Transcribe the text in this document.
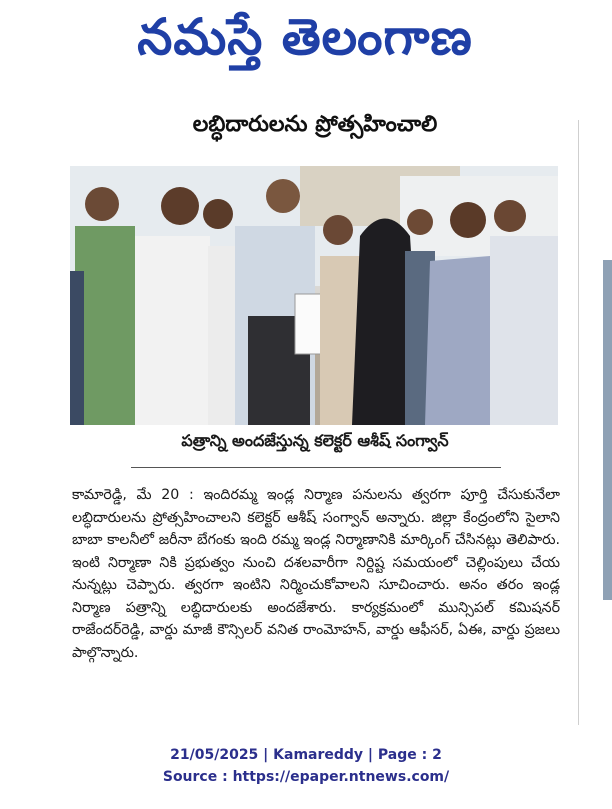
నమస్తే తెలంగాణ
లబ్ధిదారులను ప్రోత్సహించాలి
పత్రాన్ని అందజేస్తున్న కలెక్టర్ ఆశీష్ సంగ్వాన్

కామారెడ్డి, మే 20 : ఇందిరమ్మ ఇండ్ల నిర్మాణ పనులను త్వరగా పూర్తి చేసుకునేలా లబ్ధిదారులను ప్రోత్సహించాలని కలెక్టర్ ఆశీష్ సంగ్వాన్ అన్నారు. జిల్లా కేంద్రంలోని సైలాని బాబా కాలనీలో జరీనా బేగంకు ఇంది రమ్మ ఇండ్ల నిర్మాణానికి మార్కింగ్ చేసినట్లు తెలిపారు. ఇంటి నిర్మాణా నికి ప్రభుత్వం నుంచి దశలవారీగా నిర్దిష్ట సమయంలో చెల్లింపులు చేయ నున్నట్లు చెప్పారు. త్వరగా ఇంటిని నిర్మించుకోవాలని సూచించారు. అనం తరం ఇండ్ల నిర్మాణ పత్రాన్ని లబ్ధిదారులకు అందజేశారు. కార్యక్రమంలో మున్సిపల్ కమిషనర్ రాజేందర్‌రెడ్డి, వార్డు మాజీ కౌన్సిలర్ వనిత రాంమోహన్, వార్డు ఆఫీసర్, ఏఈ, వార్డు ప్రజలు పాల్గొన్నారు.

21/05/2025 | Kamareddy | Page : 2
Source : https://epaper.ntnews.com/
